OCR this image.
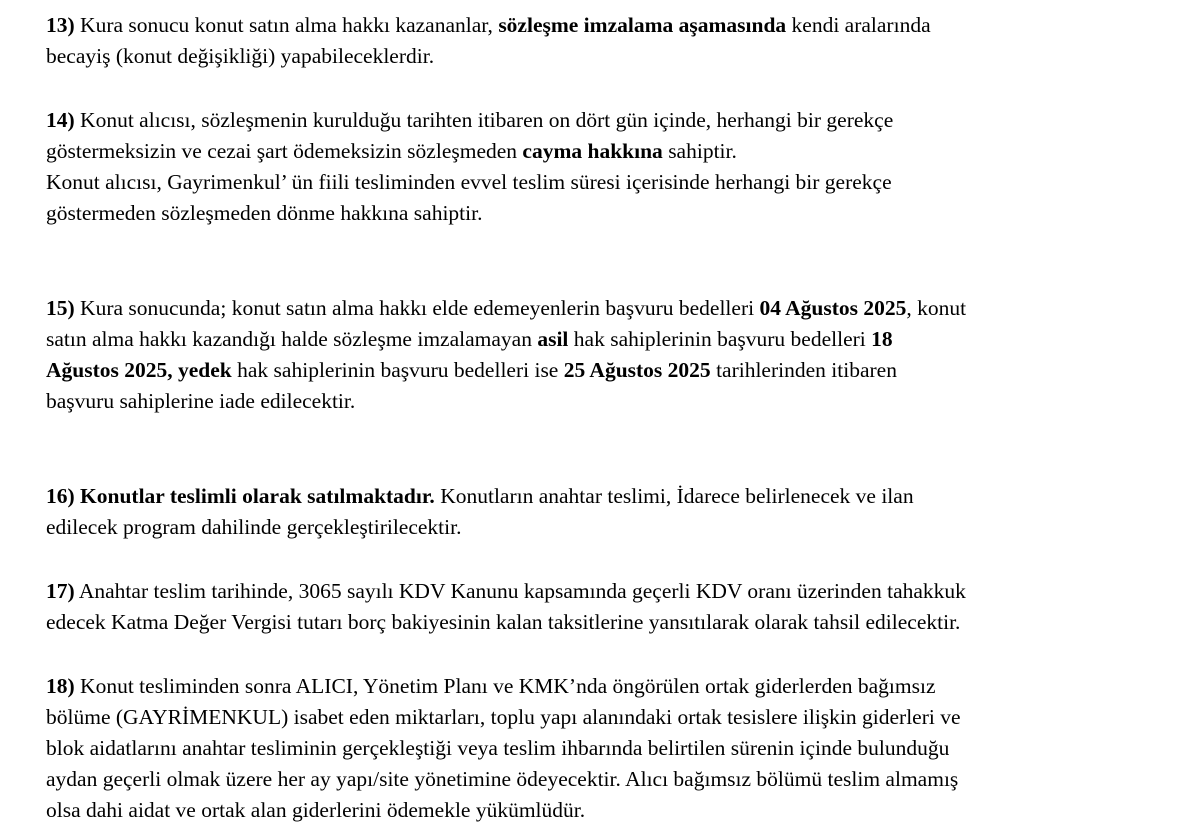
13) Kura sonucu konut satın alma hakkı kazananlar, sözleşme imzalama aşamasında kendi aralarında
becayiş (konut değişikliği) yapabileceklerdir.

14) Konut alıcısı, sözleşmenin kurulduğu tarihten itibaren on dört gün içinde, herhangi bir gerekçe
göstermeksizin ve cezai şart ödemeksizin sözleşmeden cayma hakkına sahiptir.
Konut alıcısı, Gayrimenkul’ ün fiili tesliminden evvel teslim süresi içerisinde herhangi bir gerekçe
göstermeden sözleşmeden dönme hakkına sahiptir.

15) Kura sonucunda; konut satın alma hakkı elde edemeyenlerin başvuru bedelleri 04 Ağustos 2025, konut
satın alma hakkı kazandığı halde sözleşme imzalamayan asil hak sahiplerinin başvuru bedelleri 18
Ağustos 2025, yedek hak sahiplerinin başvuru bedelleri ise 25 Ağustos 2025 tarihlerinden itibaren
başvuru sahiplerine iade edilecektir.

16) Konutlar teslimli olarak satılmaktadır. Konutların anahtar teslimi, İdarece belirlenecek ve ilan
edilecek program dahilinde gerçekleştirilecektir.

17) Anahtar teslim tarihinde, 3065 sayılı KDV Kanunu kapsamında geçerli KDV oranı üzerinden tahakkuk
edecek Katma Değer Vergisi tutarı borç bakiyesinin kalan taksitlerine yansıtılarak olarak tahsil edilecektir.

18) Konut tesliminden sonra ALICI, Yönetim Planı ve KMK’nda öngörülen ortak giderlerden bağımsız
bölüme (GAYRİMENKUL) isabet eden miktarları, toplu yapı alanındaki ortak tesislere ilişkin giderleri ve
blok aidatlarını anahtar tesliminin gerçekleştiği veya teslim ihbarında belirtilen sürenin içinde bulunduğu
aydan geçerli olmak üzere her ay yapı/site yönetimine ödeyecektir. Alıcı bağımsız bölümü teslim almamış
olsa dahi aidat ve ortak alan giderlerini ödemekle yükümlüdür.
